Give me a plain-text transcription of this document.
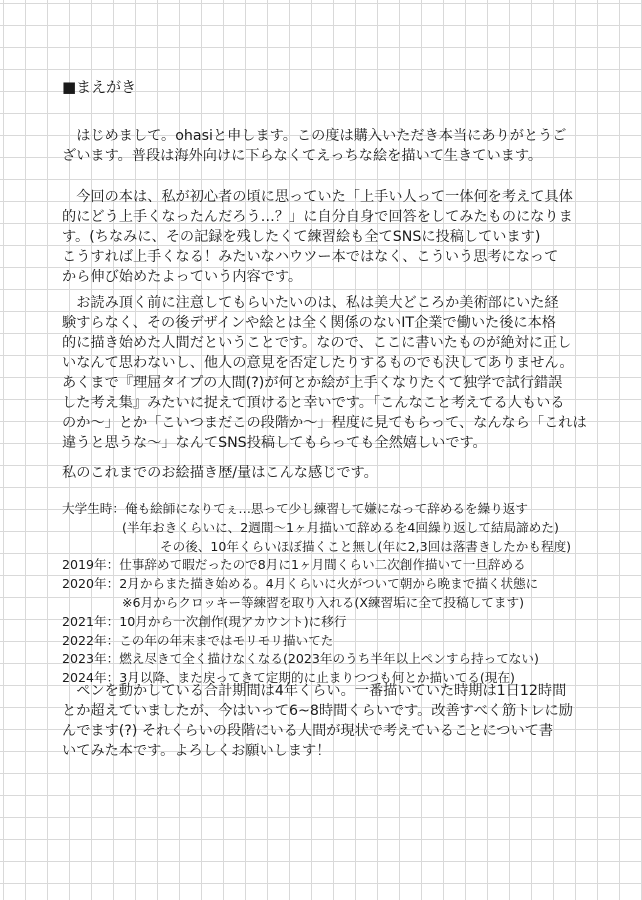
■まえがき
　はじめまして。ohasiと申します。この度は購入いただき本当にありがとうご
ざいます。普段は海外向けに下らなくてえっちな絵を描いて生きています。
　今回の本は、私が初心者の頃に思っていた「上手い人って一体何を考えて具体
的にどう上手くなったんだろう…？」に自分自身で回答をしてみたものになりま
す。(ちなみに、その記録を残したくて練習絵も全てSNSに投稿しています)
こうすれば上手くなる！みたいなハウツー本ではなく、こういう思考になって
から伸び始めたよっていう内容です。
　お読み頂く前に注意してもらいたいのは、私は美大どころか美術部にいた経
験すらなく、その後デザインや絵とは全く関係のないIT企業で働いた後に本格
的に描き始めた人間だということです。なので、ここに書いたものが絶対に正し
いなんて思わないし、他人の意見を否定したりするものでも決してありません。
あくまで『理屈タイプの人間(?)が何とか絵が上手くなりたくて独学で試行錯誤
した考え集』みたいに捉えて頂けると幸いです。「こんなこと考えてる人もいる
のか～」とか「こいつまだこの段階か～」程度に見てもらって、なんなら「これは
違うと思うな～」なんてSNS投稿してもらっても全然嬉しいです。
私のこれまでのお絵描き歴/量はこんな感じです。
大学生時：俺も絵師になりてぇ…思って少し練習して嫌になって辞めるを繰り返す
(半年おきくらいに、2週間～1ヶ月描いて辞めるを4回繰り返して結局諦めた)
その後、10年くらいほぼ描くこと無し(年に2,3回は落書きしたかも程度)
2019年：仕事辞めて暇だったので8月に1ヶ月間くらい二次創作描いて一旦辞める
2020年：2月からまた描き始める。4月くらいに火がついて朝から晩まで描く状態に
※6月からクロッキー等練習を取り入れる(X練習垢に全て投稿してます)
2021年：10月から一次創作(現アカウント)に移行
2022年：この年の年末まではモリモリ描いてた
2023年：燃え尽きて全く描けなくなる(2023年のうち半年以上ペンすら持ってない)
2024年：3月以降、また戻ってきて定期的に止まりつつも何とか描いてる(現在)
　ペンを動かしている合計期間は4年くらい。一番描いていた時期は1日12時間
とか超えていましたが、今はいって6~8時間くらいです。改善すべく筋トレに励
んでます(?) それくらいの段階にいる人間が現状で考えていることについて書
いてみた本です。よろしくお願いします！
